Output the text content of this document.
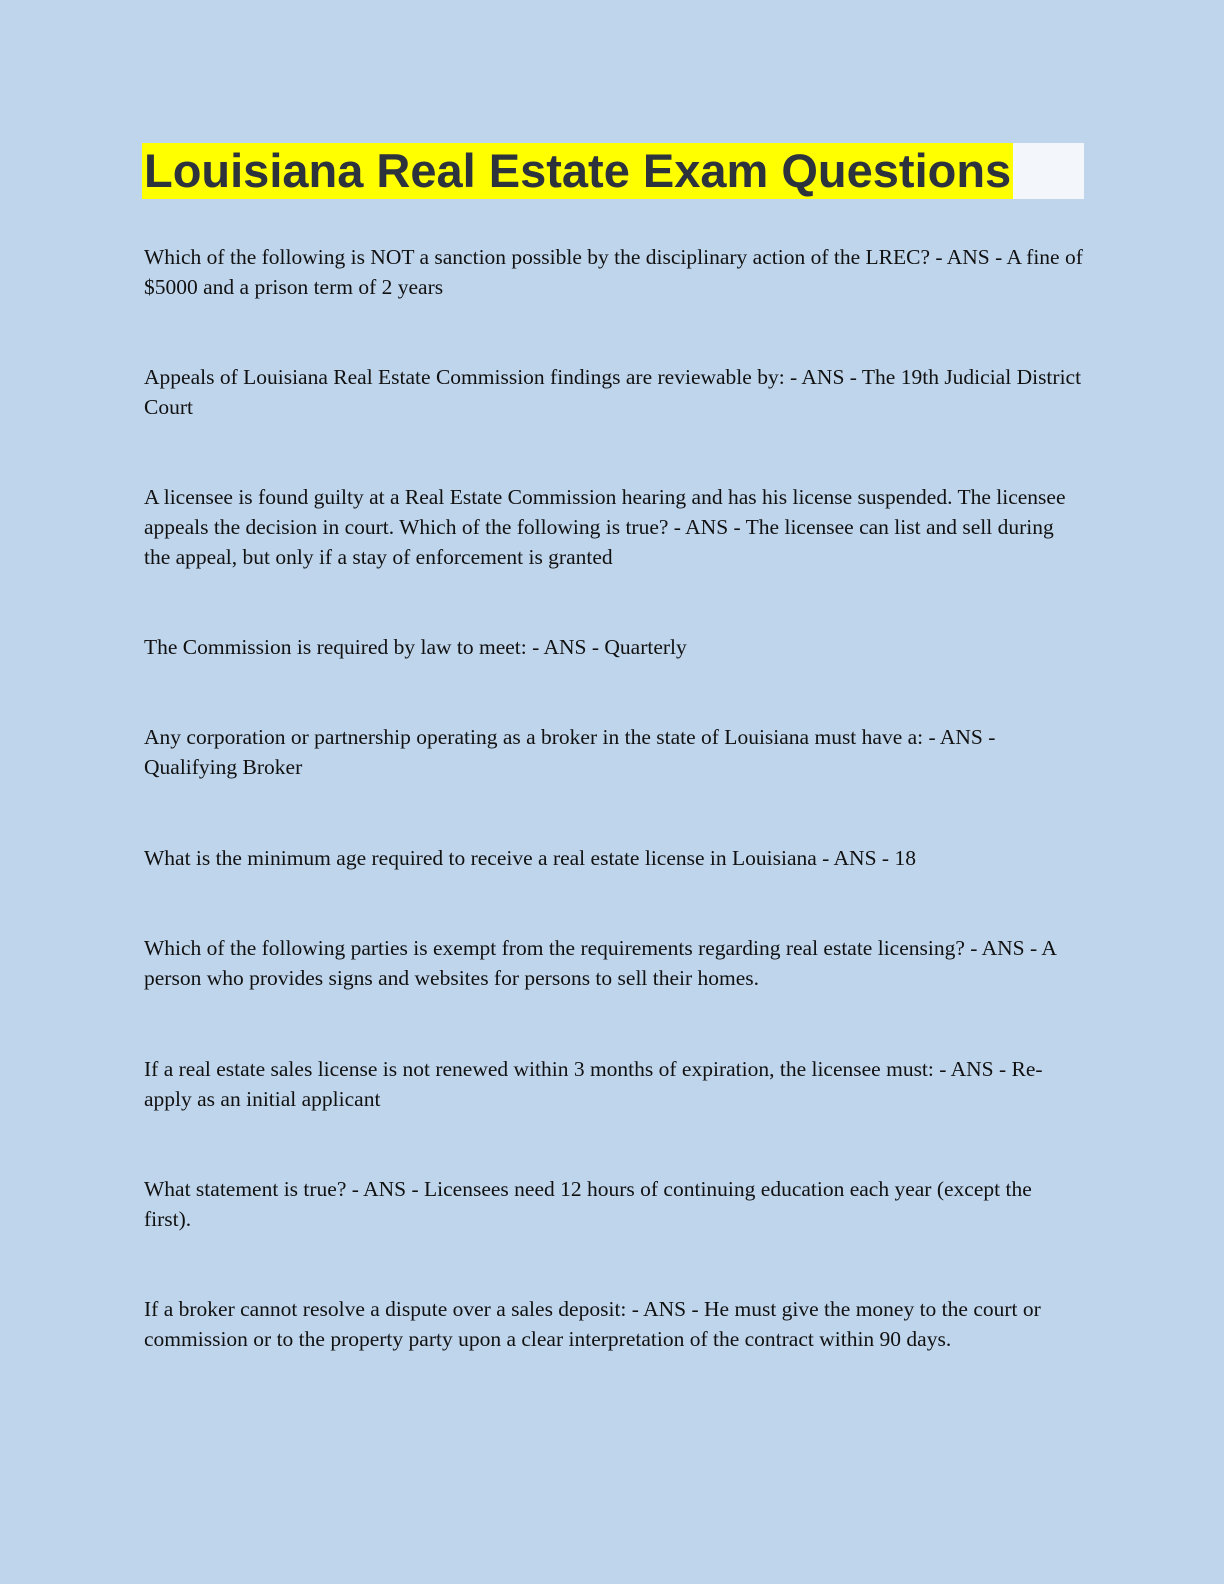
Louisiana Real Estate Exam Questions

Which of the following is NOT a sanction possible by the disciplinary action of the LREC? - ANS - A fine of $5000 and a prison term of 2 years

Appeals of Louisiana Real Estate Commission findings are reviewable by: - ANS - The 19th Judicial District Court

A licensee is found guilty at a Real Estate Commission hearing and has his license suspended. The licensee appeals the decision in court. Which of the following is true? - ANS - The licensee can list and sell during the appeal, but only if a stay of enforcement is granted

The Commission is required by law to meet: - ANS - Quarterly

Any corporation or partnership operating as a broker in the state of Louisiana must have a: - ANS - Qualifying Broker

What is the minimum age required to receive a real estate license in Louisiana - ANS - 18

Which of the following parties is exempt from the requirements regarding real estate licensing? - ANS - A person who provides signs and websites for persons to sell their homes.

If a real estate sales license is not renewed within 3 months of expiration, the licensee must: - ANS - Re-apply as an initial applicant

What statement is true? - ANS - Licensees need 12 hours of continuing education each year (except the first).

If a broker cannot resolve a dispute over a sales deposit: - ANS - He must give the money to the court or commission or to the property party upon a clear interpretation of the contract within 90 days.
